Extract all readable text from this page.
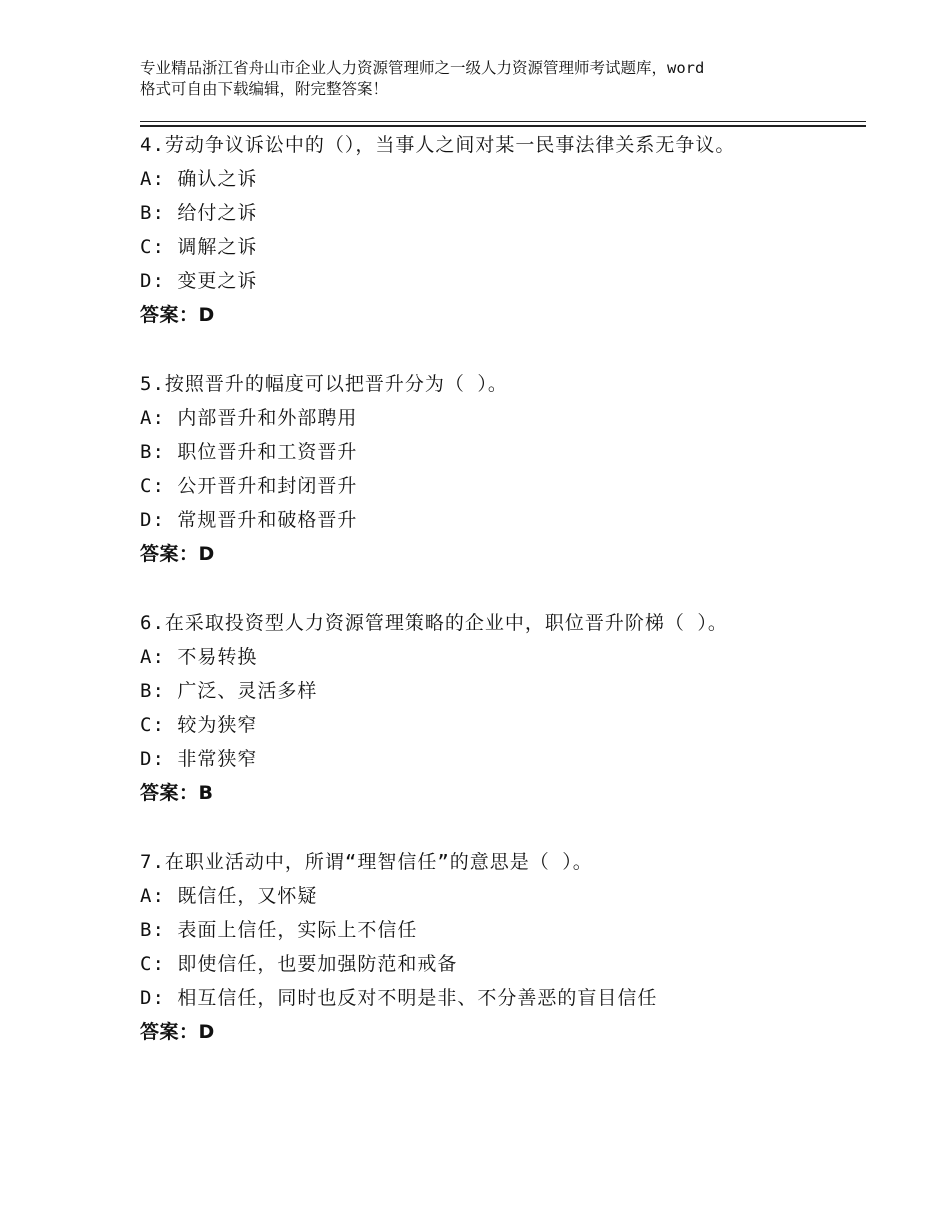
专业精品浙江省舟山市企业人力资源管理师之一级人力资源管理师考试题库，word
格式可自由下载编辑，附完整答案！
4.劳动争议诉讼中的（），当事人之间对某一民事法律关系无争议。
A: 确认之诉
B: 给付之诉
C: 调解之诉
D: 变更之诉
答案：D
5.按照晋升的幅度可以把晋升分为（ ）。
A: 内部晋升和外部聘用
B: 职位晋升和工资晋升
C: 公开晋升和封闭晋升
D: 常规晋升和破格晋升
答案：D
6.在采取投资型人力资源管理策略的企业中，职位晋升阶梯（ ）。
A: 不易转换
B: 广泛、灵活多样
C: 较为狭窄
D: 非常狭窄
答案：B
7.在职业活动中，所谓“理智信任”的意思是（ ）。
A: 既信任，又怀疑
B: 表面上信任，实际上不信任
C: 即使信任，也要加强防范和戒备
D: 相互信任，同时也反对不明是非、不分善恶的盲目信任
答案：D
